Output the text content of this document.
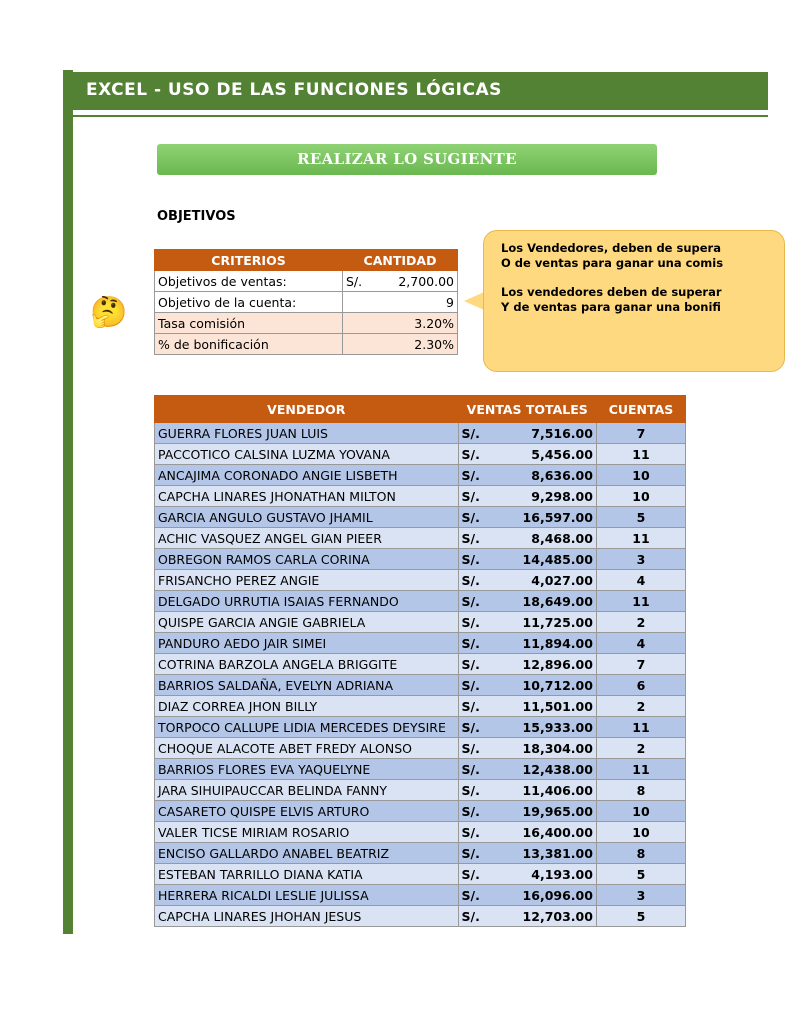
EXCEL - USO DE LAS FUNCIONES LÓGICAS
REALIZAR LO SUGIENTE
OBJETIVOS
CRITERIOS	CANTIDAD	
Objetivos de ventas:	S/.	2,700.00
Objetivo de la cuenta:	9	
Tasa comisión	3.20%	
% de bonificación	2.30%	
🤔

Los Vendedores, deben de supera

O de ventas para ganar una comis

Los vendedores deben de superar

Y de ventas para ganar una bonifi

VENDEDOR	VENTAS TOTALES		CUENTAS
GUERRA FLORES JUAN LUIS	S/.	7,516.00	7
PACCOTICO CALSINA LUZMA YOVANA	S/.	5,456.00	11
ANCAJIMA CORONADO ANGIE LISBETH	S/.	8,636.00	10
CAPCHA LINARES JHONATHAN MILTON	S/.	9,298.00	10
GARCIA ANGULO GUSTAVO JHAMIL	S/.	16,597.00	5
ACHIC VASQUEZ ANGEL GIAN PIEER	S/.	8,468.00	11
OBREGON RAMOS CARLA CORINA	S/.	14,485.00	3
FRISANCHO PEREZ ANGIE	S/.	4,027.00	4
DELGADO URRUTIA ISAIAS FERNANDO	S/.	18,649.00	11
QUISPE GARCIA ANGIE GABRIELA	S/.	11,725.00	2
PANDURO AEDO JAIR SIMEI	S/.	11,894.00	4
COTRINA BARZOLA ANGELA BRIGGITE	S/.	12,896.00	7
BARRIOS SALDAÑA, EVELYN ADRIANA	S/.	10,712.00	6
DIAZ CORREA JHON BILLY	S/.	11,501.00	2
TORPOCO CALLUPE LIDIA MERCEDES DEYSIRE	S/.	15,933.00	11
CHOQUE ALACOTE ABET FREDY ALONSO	S/.	18,304.00	2
BARRIOS FLORES EVA YAQUELYNE	S/.	12,438.00	11
JARA SIHUIPAUCCAR BELINDA FANNY	S/.	11,406.00	8
CASARETO QUISPE ELVIS ARTURO	S/.	19,965.00	10
VALER TICSE MIRIAM ROSARIO	S/.	16,400.00	10
ENCISO GALLARDO ANABEL BEATRIZ	S/.	13,381.00	8
ESTEBAN TARRILLO DIANA KATIA	S/.	4,193.00	5
HERRERA RICALDI LESLIE JULISSA	S/.	16,096.00	3
CAPCHA LINARES JHOHAN JESUS	S/.	12,703.00	5
